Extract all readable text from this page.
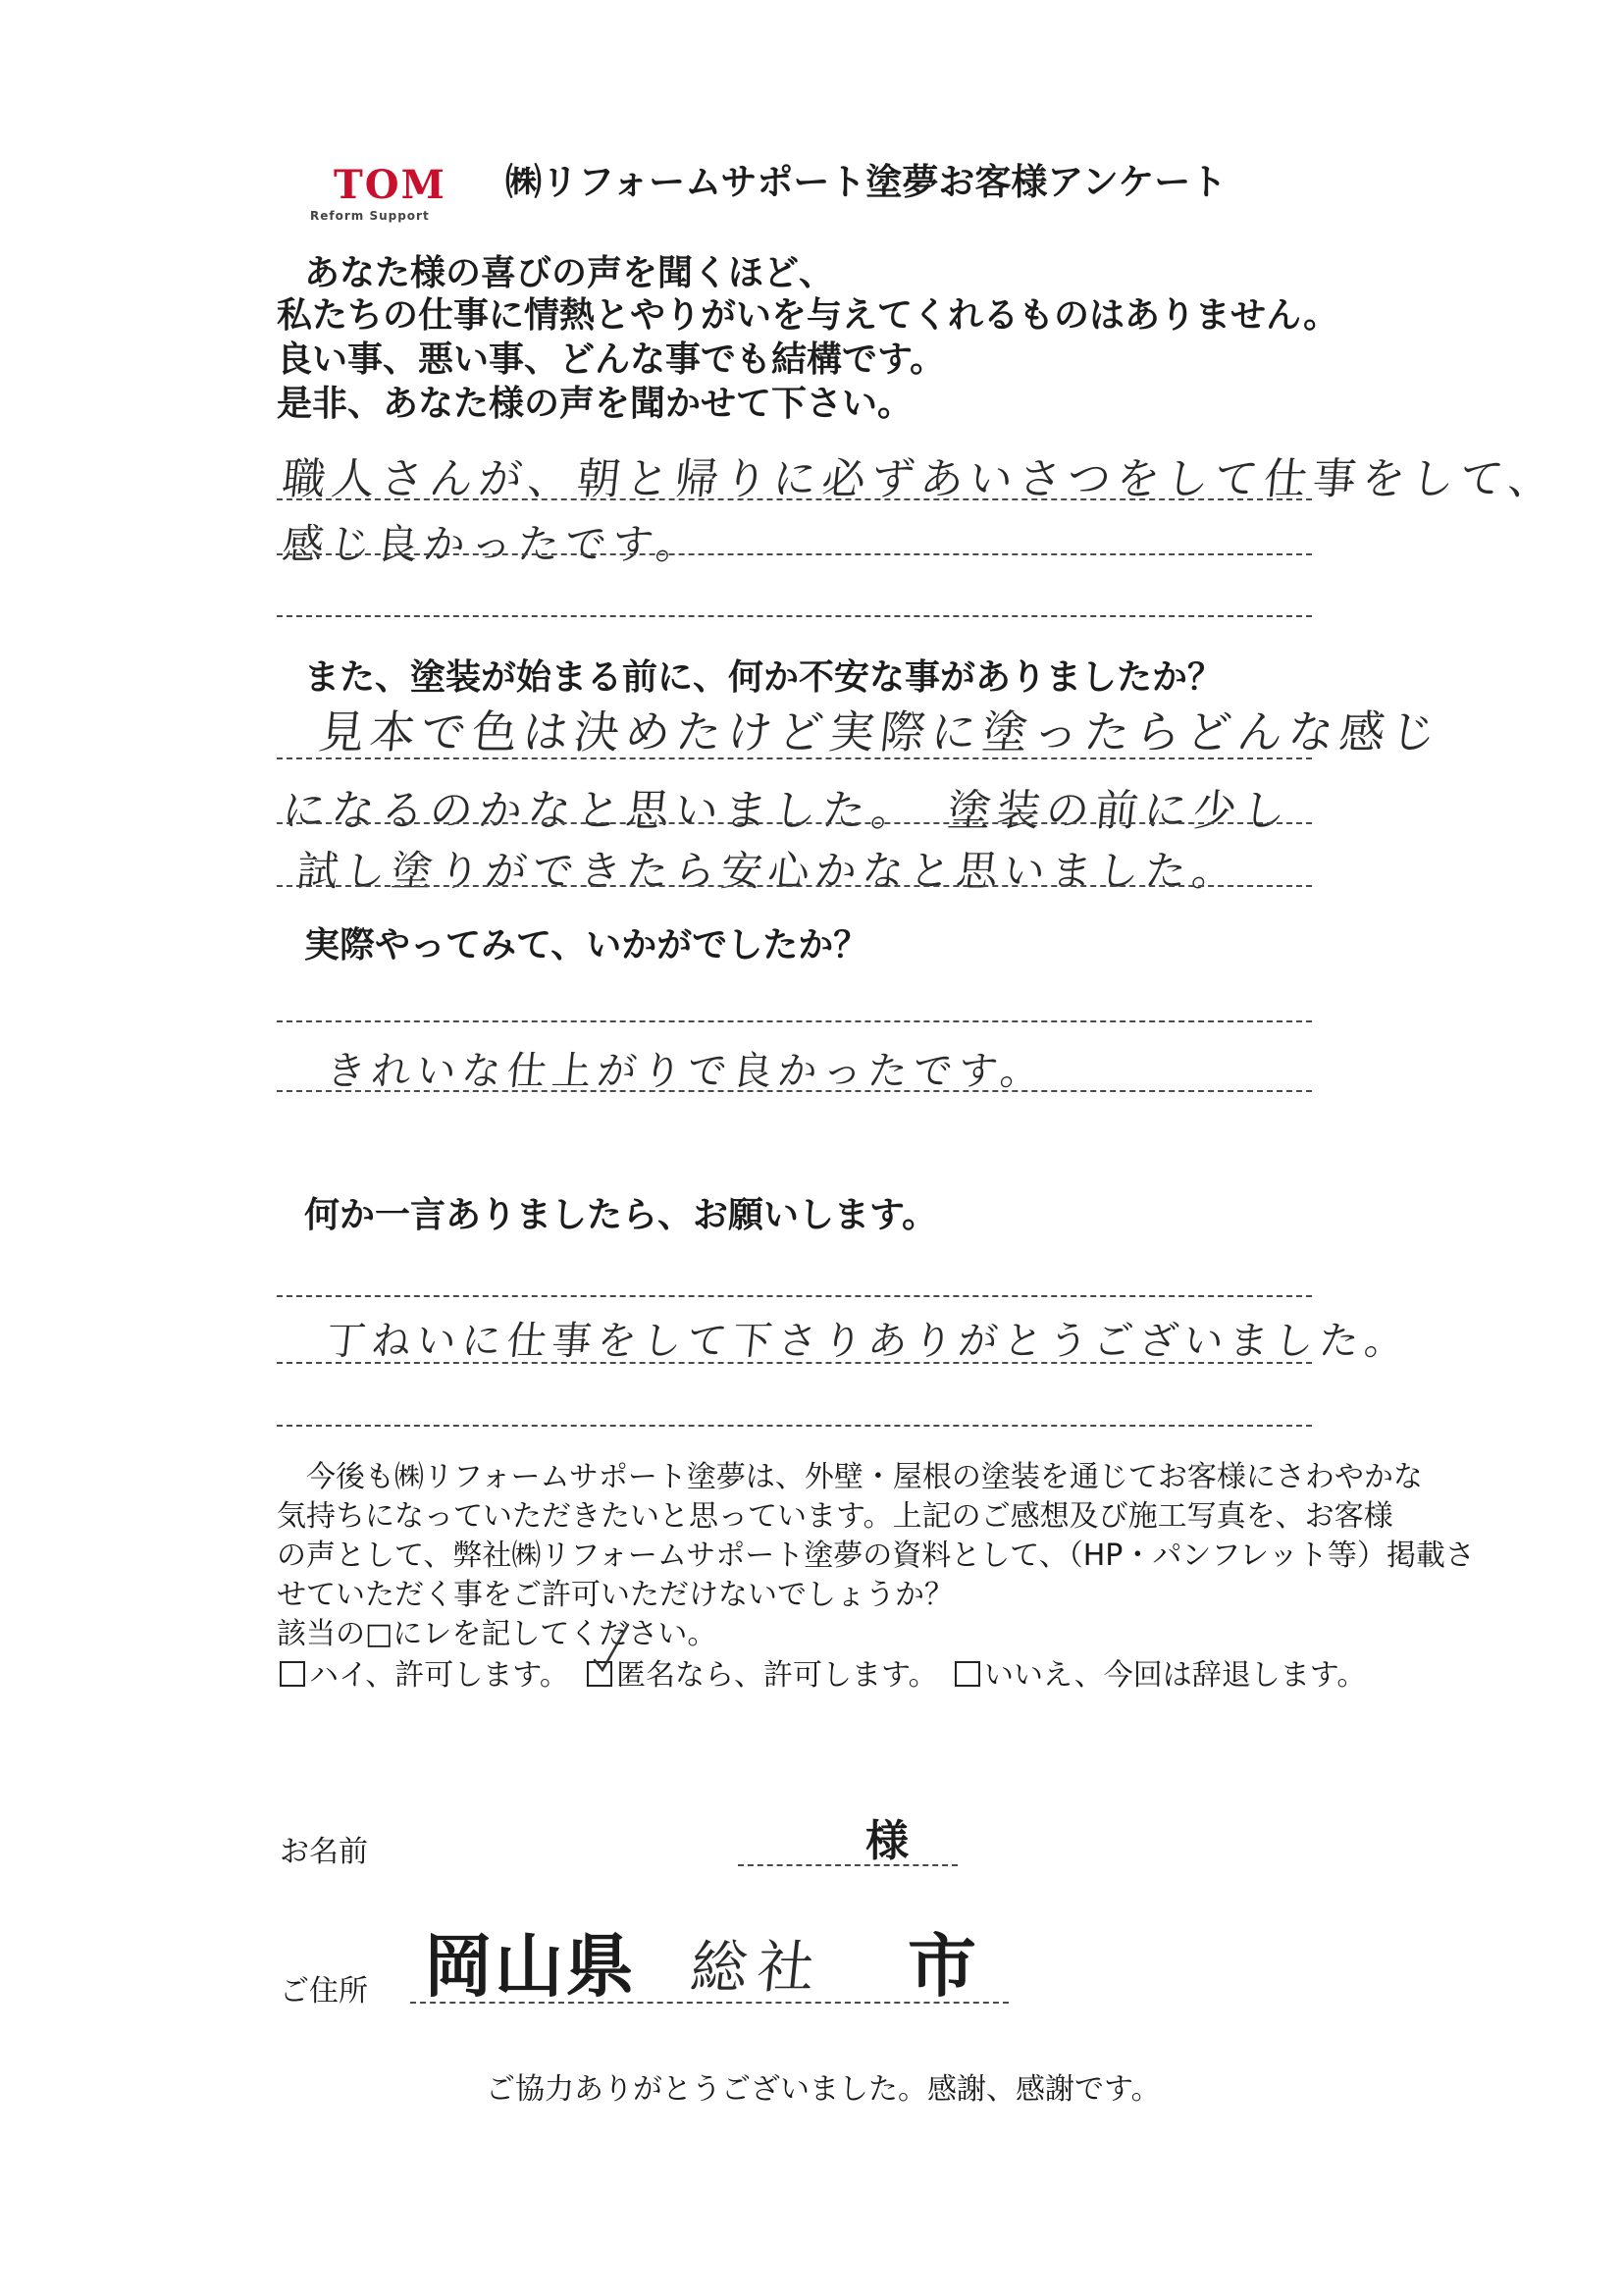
TOM
Reform Support
㈱リフォームサポート塗夢お客様アンケート
あなた様の喜びの声を聞くほど、
私たちの仕事に情熱とやりがいを与えてくれるものはありません。
良い事、悪い事、どんな事でも結構です。
是非、あなた様の声を聞かせて下さい。
職人さんが、朝と帰りに必ずあいさつをして仕事をして、
感じ良かったです。
また、塗装が始まる前に、何か不安な事がありましたか？
見本で色は決めたけど実際に塗ったらどんな感じ
になるのかなと思いました。　塗装の前に少し
試し塗りができたら安心かなと思いました。
実際やってみて、いかがでしたか？
きれいな仕上がりで良かったです。
何か一言ありましたら、お願いします。
丁ねいに仕事をして下さりありがとうございました。
今後も㈱リフォームサポート塗夢は、外壁・屋根の塗装を通じてお客様にさわやかな
気持ちになっていただきたいと思っています。上記のご感想及び施工写真を、お客様
の声として、弊社㈱リフォームサポート塗夢の資料として、（HP・パンフレット等）掲載さ
せていただく事をご許可いただけないでしょうか？
該当の□にレを記してください。
ハイ、許可します。	匿名なら、許可します。	いいえ、今回は辞退します。
お名前	様
ご住所 岡山県 総社 市
ご協力ありがとうございました。感謝、感謝です。
